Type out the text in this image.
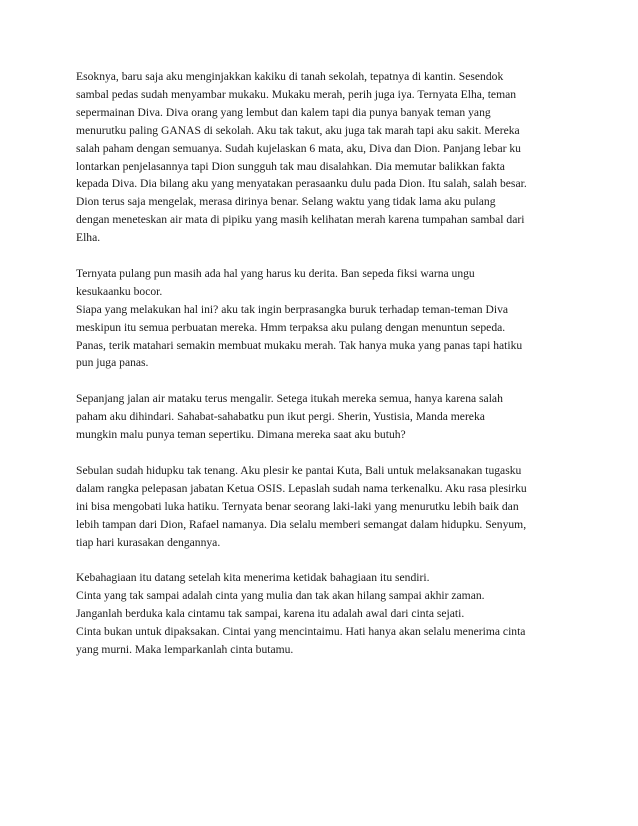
Esoknya, baru saja aku menginjakkan kakiku di tanah sekolah, tepatnya di kantin. Sesendok
sambal pedas sudah menyambar mukaku. Mukaku merah, perih juga iya. Ternyata Elha, teman
sepermainan Diva. Diva orang yang lembut dan kalem tapi dia punya banyak teman yang
menurutku paling GANAS di sekolah. Aku tak takut, aku juga tak marah tapi aku sakit. Mereka
salah paham dengan semuanya. Sudah kujelaskan 6 mata, aku, Diva dan Dion. Panjang lebar ku
lontarkan penjelasannya tapi Dion sungguh tak mau disalahkan. Dia memutar balikkan fakta
kepada Diva. Dia bilang aku yang menyatakan perasaanku dulu pada Dion. Itu salah, salah besar.
Dion terus saja mengelak, merasa dirinya benar. Selang waktu yang tidak lama aku pulang
dengan meneteskan air mata di pipiku yang masih kelihatan merah karena tumpahan sambal dari
Elha.

Ternyata pulang pun masih ada hal yang harus ku derita. Ban sepeda fiksi warna ungu
kesukaanku bocor.
Siapa yang melakukan hal ini? aku tak ingin berprasangka buruk terhadap teman-teman Diva
meskipun itu semua perbuatan mereka. Hmm terpaksa aku pulang dengan menuntun sepeda.
Panas, terik matahari semakin membuat mukaku merah. Tak hanya muka yang panas tapi hatiku
pun juga panas.

Sepanjang jalan air mataku terus mengalir. Setega itukah mereka semua, hanya karena salah
paham aku dihindari. Sahabat-sahabatku pun ikut pergi. Sherin, Yustisia, Manda mereka
mungkin malu punya teman sepertiku. Dimana mereka saat aku butuh?

Sebulan sudah hidupku tak tenang. Aku plesir ke pantai Kuta, Bali untuk melaksanakan tugasku
dalam rangka pelepasan jabatan Ketua OSIS. Lepaslah sudah nama terkenalku. Aku rasa plesirku
ini bisa mengobati luka hatiku. Ternyata benar seorang laki-laki yang menurutku lebih baik dan
lebih tampan dari Dion, Rafael namanya. Dia selalu memberi semangat dalam hidupku. Senyum,
tiap hari kurasakan dengannya.

Kebahagiaan itu datang setelah kita menerima ketidak bahagiaan itu sendiri.
Cinta yang tak sampai adalah cinta yang mulia dan tak akan hilang sampai akhir zaman.
Janganlah berduka kala cintamu tak sampai, karena itu adalah awal dari cinta sejati.
Cinta bukan untuk dipaksakan. Cintai yang mencintaimu. Hati hanya akan selalu menerima cinta
yang murni. Maka lemparkanlah cinta butamu.
